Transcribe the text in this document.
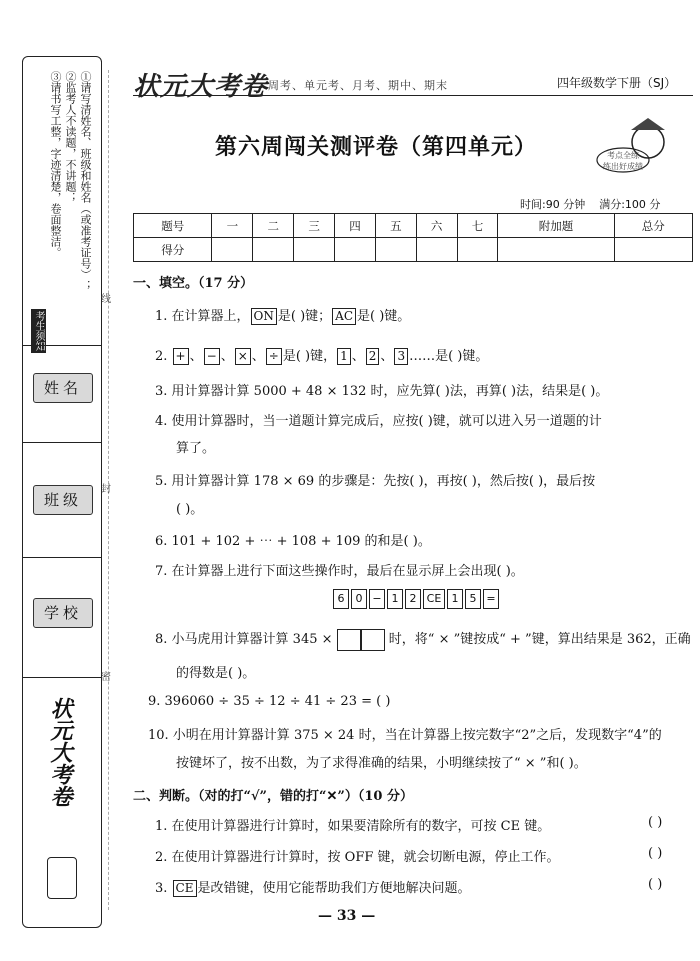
①请写清姓名、班级和姓名（或准考证号）；
②监考人不读题，不讲题；
③请书写工整，字迹清楚，卷面整洁。
考生须知
姓名
班级
学校
状元大考卷
线
封
密
状元大考卷 周考、单元考、月考、期中、期末	四年级数学下册（SJ）
第六周闯关测评卷（第四单元）	考点全练
练出好成绩
时间:90 分钟 满分:100 分
题号	一	二	三	四	五	六	七	附加题	总分
得分									
一、填空。（17 分）
1. 在计算器上， ON 是( )键； AC 是( )键。
2. + 、 − 、 × 、 ÷ 是( )键， 1 、 2 、 3 ……是( )键。
3. 用计算器计算 5000 + 48 × 132 时，应先算( )法，再算( )法，结果是( )。
4. 使用计算器时，当一道题计算完成后，应按( )键，就可以进入另一道题的计
算了。
5. 用计算器计算 178 × 69 的步骤是：先按( )，再按( )，然后按( )，最后按
( )。
6. 101 + 102 + ⋯ + 108 + 109 的和是( )。
7. 在计算器上进行下面这些操作时，最后在显示屏上会出现( )。
6	0 − 1	2 CE 1	5 =
8. 小马虎用计算器计算 345 ×	时，将“ × ”键按成“ + ”键，算出结果是 362，正确
的得数是( )。
9. 396060 ÷ 35 ÷ 12 ÷ 41 ÷ 23 = ( )
10. 小明在用计算器计算 375 × 24 时，当在计算器上按完数字“2”之后，发现数字“4”的
按键坏了，按不出数，为了求得准确的结果，小明继续按了“ × ”和( )。
二、判断。（对的打“√”，错的打“✕”）（10 分）
1. 在使用计算器进行计算时，如果要清除所有的数字，可按 CE 键。	( )
2. 在使用计算器进行计算时，按 OFF 键，就会切断电源，停止工作。	( )
3. CE 是改错键，使用它能帮助我们方便地解决问题。	( )
— 33 —
